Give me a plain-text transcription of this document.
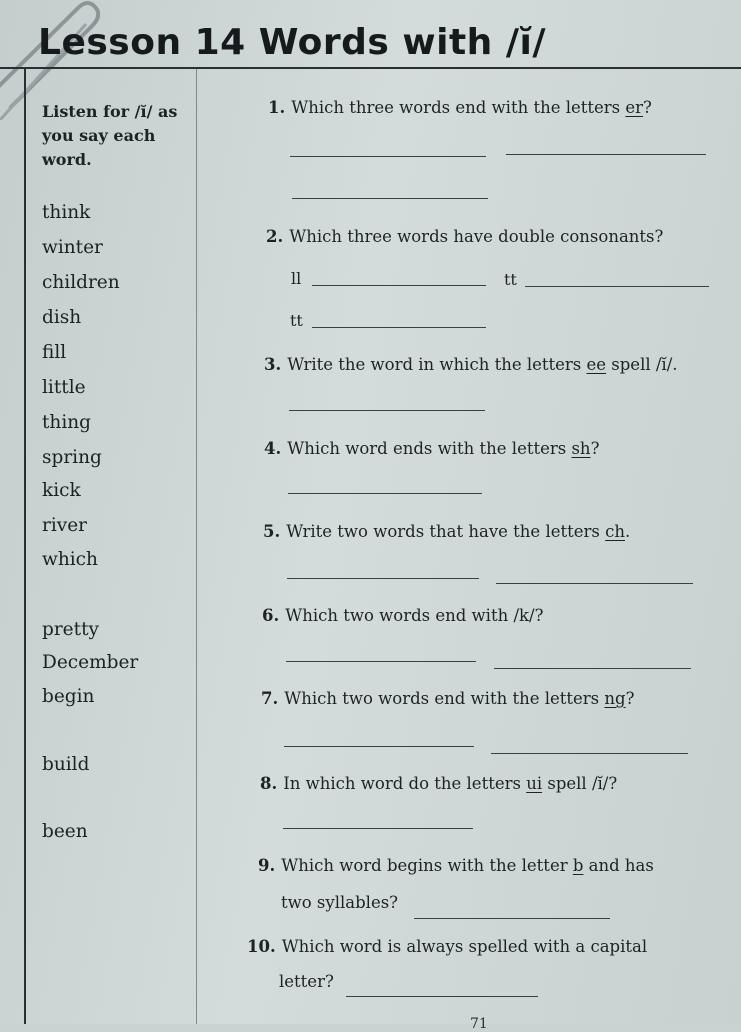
Lesson 14 Words with /ĭ/
Listen for /ĭ/ as you say each word.
think
winter
children
dish
fill
little
thing
spring
kick
river
which
pretty
December
begin
build
been
1. Which three words end with the letters er?
2. Which three words have double consonants?
ll	tt
tt
3. Write the word in which the letters ee spell /ĭ/.
4. Which word ends with the letters sh?
5. Write two words that have the letters ch.
6. Which two words end with /k/?
7. Which two words end with the letters ng?
8. In which word do the letters ui spell /ĭ/?
9. Which word begins with the letter b and has
two syllables?
10. Which word is always spelled with a capital
letter?
71
